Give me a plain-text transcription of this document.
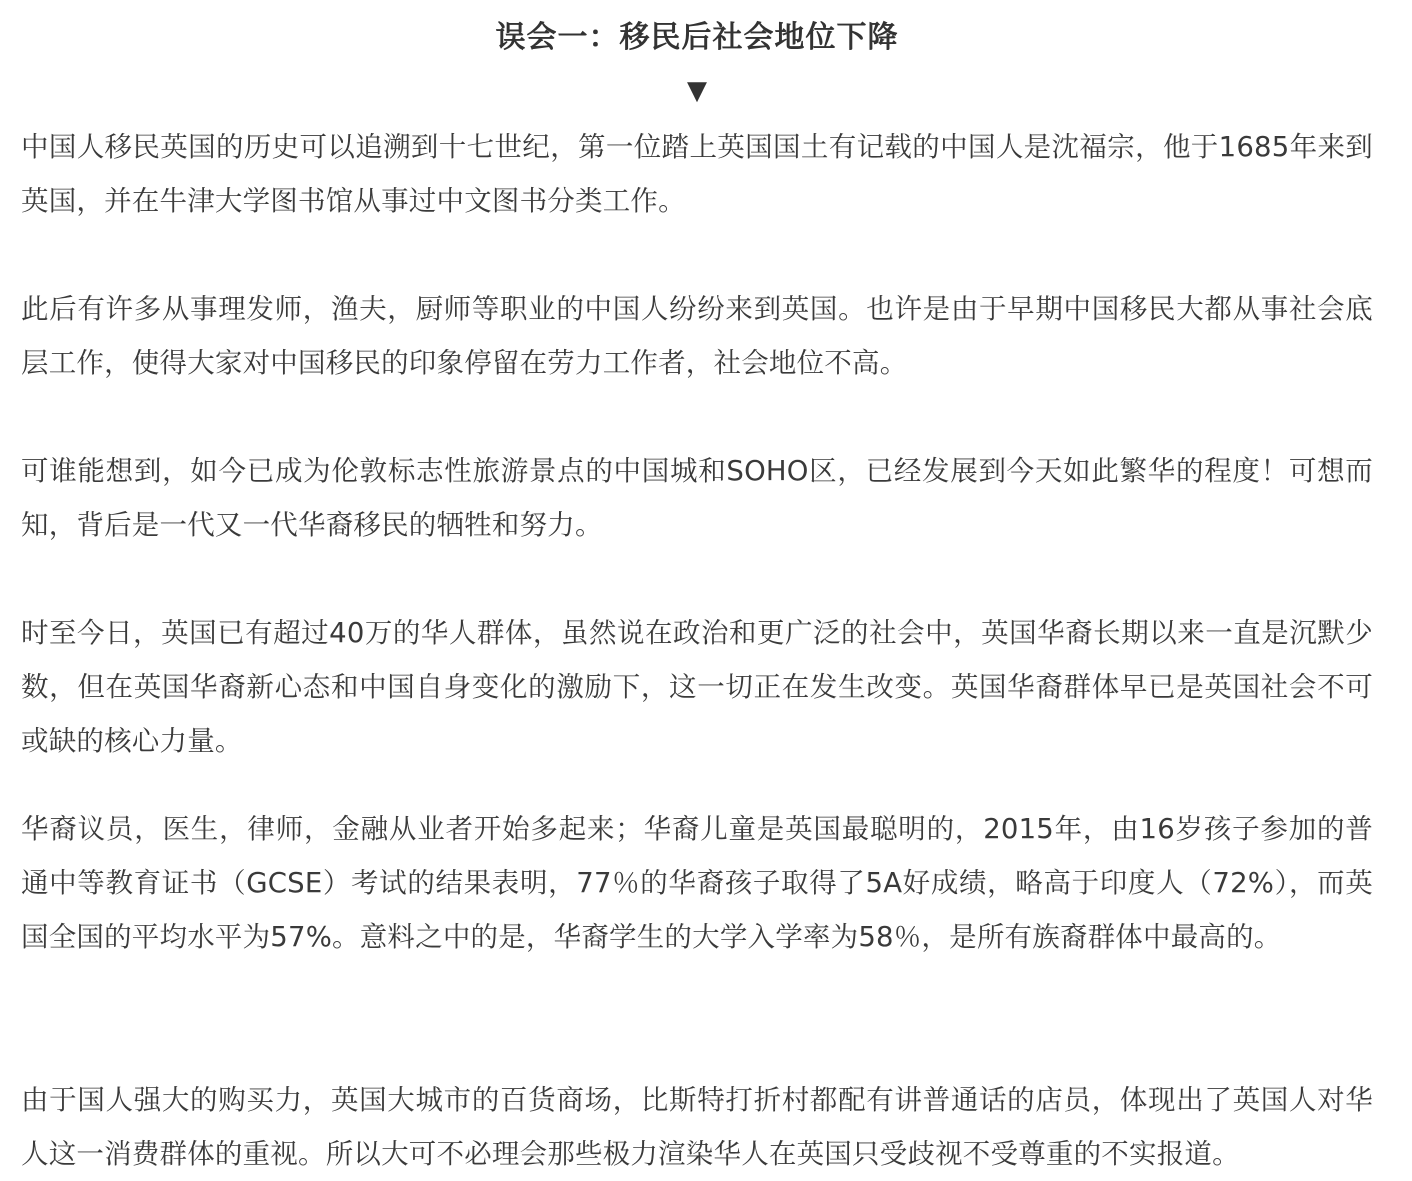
误会一：移民后社会地位下降
▼

中国人移民英国的历史可以追溯到十七世纪，第一位踏上英国国土有记载的中国人是沈福宗，他于1685年来到英国，并在牛津大学图书馆从事过中文图书分类工作。

此后有许多从事理发师，渔夫，厨师等职业的中国人纷纷来到英国。也许是由于早期中国移民大都从事社会底层工作，使得大家对中国移民的印象停留在劳力工作者，社会地位不高。

可谁能想到，如今已成为伦敦标志性旅游景点的中国城和SOHO区，已经发展到今天如此繁华的程度！可想而知，背后是一代又一代华裔移民的牺牲和努力。

时至今日，英国已有超过40万的华人群体，虽然说在政治和更广泛的社会中，英国华裔长期以来一直是沉默少数，但在英国华裔新心态和中国自身变化的激励下，这一切正在发生改变。英国华裔群体早已是英国社会不可或缺的核心力量。

华裔议员，医生，律师，金融从业者开始多起来；华裔儿童是英国最聪明的，2015年，由16岁孩子参加的普通中等教育证书（GCSE）考试的结果表明，77％的华裔孩子取得了5A好成绩，略高于印度人（72%），而英国全国的平均水平为57%。意料之中的是，华裔学生的大学入学率为58％，是所有族裔群体中最高的。

由于国人强大的购买力，英国大城市的百货商场，比斯特打折村都配有讲普通话的店员，体现出了英国人对华人这一消费群体的重视。所以大可不必理会那些极力渲染华人在英国只受歧视不受尊重的不实报道。
